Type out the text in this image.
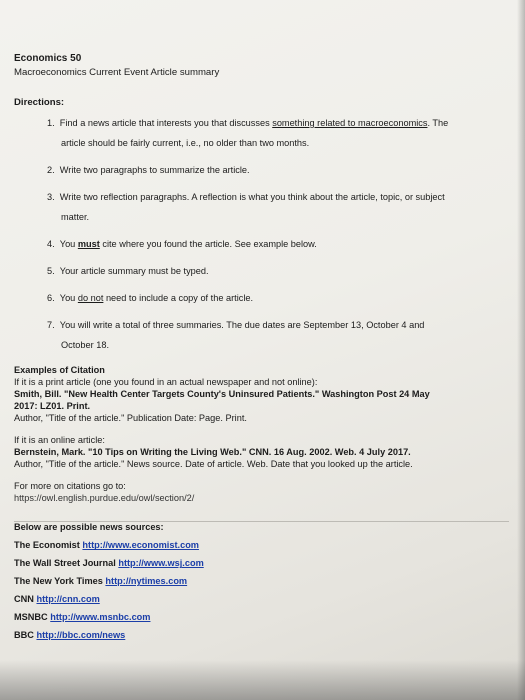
Economics 50
Macroeconomics Current Event Article summary
Directions:
1. Find a news article that interests you that discusses something related to macroeconomics. The
article should be fairly current, i.e., no older than two months.
2. Write two paragraphs to summarize the article.
3. Write two reflection paragraphs. A reflection is what you think about the article, topic, or subject
matter.
4. You must cite where you found the article. See example below.
5. Your article summary must be typed.
6. You do not need to include a copy of the article.
7. You will write a total of three summaries. The due dates are September 13, October 4 and
October 18.
Examples of Citation
If it is a print article (one you found in an actual newspaper and not online):
Smith, Bill. "New Health Center Targets County's Uninsured Patients." Washington Post 24 May
2017: LZ01. Print.
Author, "Title of the article." Publication Date: Page. Print.
If it is an online article:
Bernstein, Mark. "10 Tips on Writing the Living Web." CNN. 16 Aug. 2002. Web. 4 July 2017.
Author, "Title of the article." News source. Date of article. Web. Date that you looked up the article.
For more on citations go to:
https://owl.english.purdue.edu/owl/section/2/
Below are possible news sources:
The Economist http://www.economist.com
The Wall Street Journal http://www.wsj.com
The New York Times http://nytimes.com
CNN http://cnn.com
MSNBC http://www.msnbc.com
BBC http://bbc.com/news
